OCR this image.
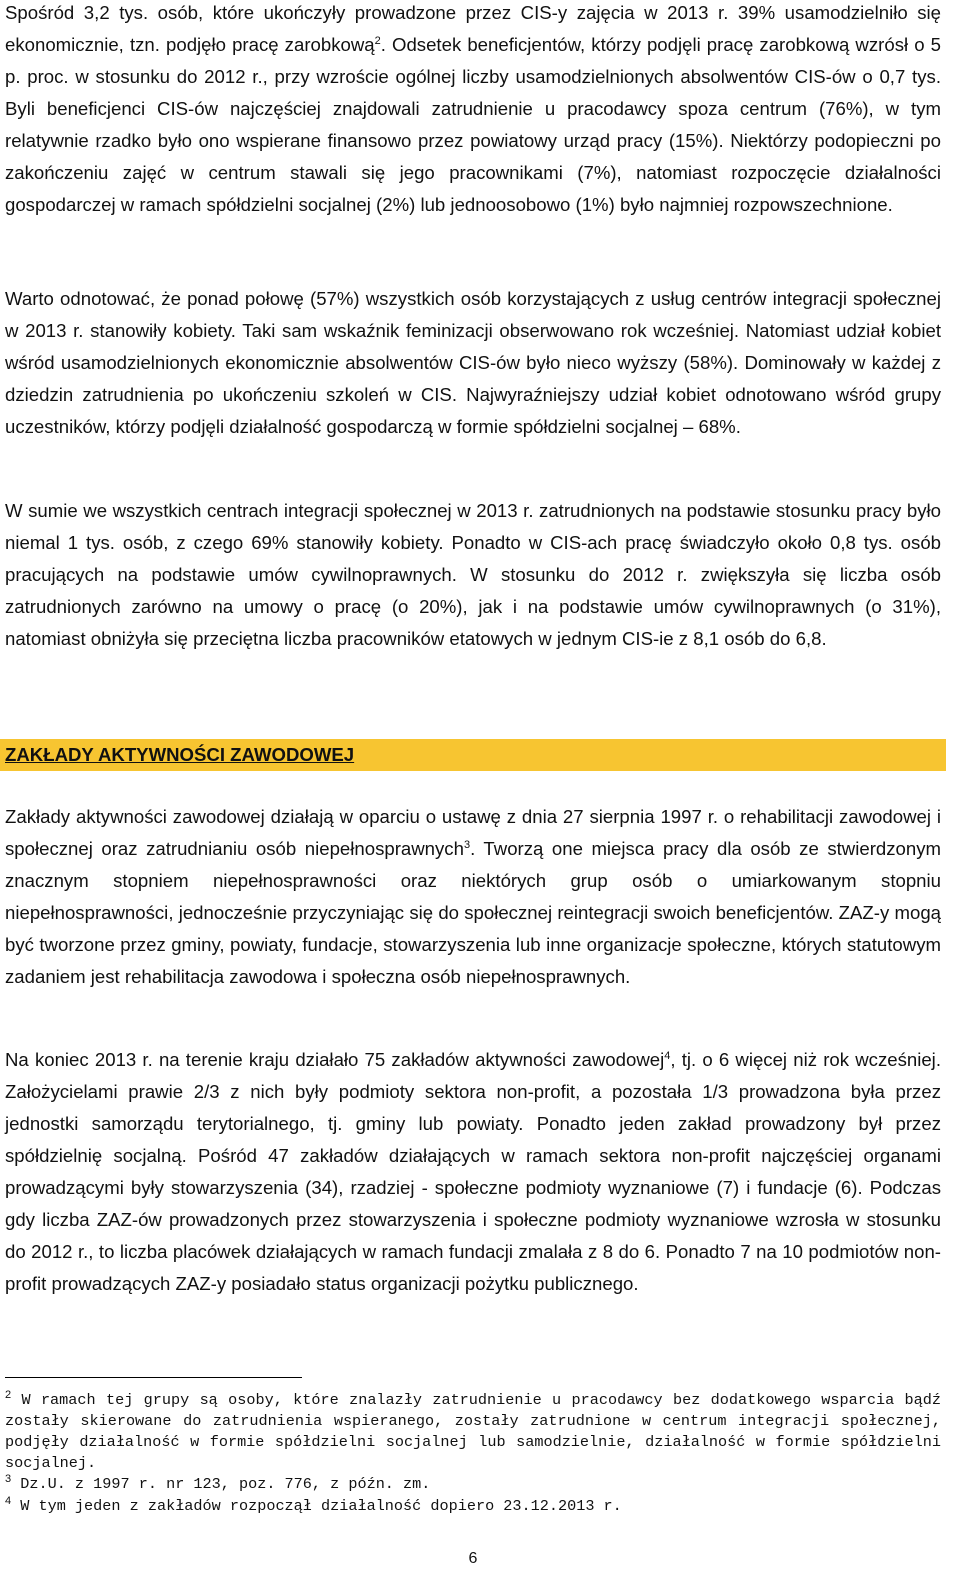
Spośród 3,2 tys. osób, które ukończyły prowadzone przez CIS-y zajęcia w 2013 r. 39% usamodzielniło się ekonomicznie, tzn. podjęło pracę zarobkową$^2$. Odsetek beneficjentów, którzy podjęli pracę zarobkową wzrósł o 5 p. proc. w stosunku do 2012 r., przy wzroście ogólnej liczby usamodzielnionych absolwentów CIS-ów o 0,7 tys. Byli beneficjenci CIS-ów najczęściej znajdowali zatrudnienie u pracodawcy spoza centrum (76%), w tym relatywnie rzadko było ono wspierane finansowo przez powiatowy urząd pracy (15%). Niektórzy podopieczni po zakończeniu zajęć w centrum stawali się jego pracownikami (7%), natomiast rozpoczęcie działalności gospodarczej w ramach spółdzielni socjalnej (2%) lub jednoosobowo (1%) było najmniej rozpowszechnione.

Warto odnotować, że ponad połowę (57%) wszystkich osób korzystających z usług centrów integracji społecznej w 2013 r. stanowiły kobiety. Taki sam wskaźnik feminizacji obserwowano rok wcześniej. Natomiast udział kobiet wśród usamodzielnionych ekonomicznie absolwentów CIS-ów było nieco wyższy (58%). Dominowały w każdej z dziedzin zatrudnienia po ukończeniu szkoleń w CIS. Najwyraźniejszy udział kobiet odnotowano wśród grupy uczestników, którzy podjęli działalność gospodarczą w formie spółdzielni socjalnej – 68%.

W sumie we wszystkich centrach integracji społecznej w 2013 r. zatrudnionych na podstawie stosunku pracy było niemal 1 tys. osób, z czego 69% stanowiły kobiety. Ponadto w CIS-ach pracę świadczyło około 0,8 tys. osób pracujących na podstawie umów cywilnoprawnych. W stosunku do 2012 r. zwiększyła się liczba osób zatrudnionych zarówno na umowy o pracę (o 20%), jak i na podstawie umów cywilnoprawnych (o 31%), natomiast obniżyła się przeciętna liczba pracowników etatowych w jednym CIS-ie z 8,1 osób do 6,8.

ZAKŁADY AKTYWNOŚCI ZAWODOWEJ

Zakłady aktywności zawodowej działają w oparciu o ustawę z dnia 27 sierpnia 1997 r. o rehabilitacji zawodowej i społecznej oraz zatrudnianiu osób niepełnosprawnych$^3$. Tworzą one miejsca pracy dla osób ze stwierdzonym znacznym stopniem niepełnosprawności oraz niektórych grup osób o umiarkowanym stopniu niepełnosprawności, jednocześnie przyczyniając się do społecznej reintegracji swoich beneficjentów. ZAZ-y mogą być tworzone przez gminy, powiaty, fundacje, stowarzyszenia lub inne organizacje społeczne, których statutowym zadaniem jest rehabilitacja zawodowa i społeczna osób niepełnosprawnych.

Na koniec 2013 r. na terenie kraju działało 75 zakładów aktywności zawodowej$^4$, tj. o 6 więcej niż rok wcześniej. Założycielami prawie 2/3 z nich były podmioty sektora non-profit, a pozostała 1/3 prowadzona była przez jednostki samorządu terytorialnego, tj. gminy lub powiaty. Ponadto jeden zakład prowadzony był przez spółdzielnię socjalną. Pośród 47 zakładów działających w ramach sektora non-profit najczęściej organami prowadzącymi były stowarzyszenia (34), rzadziej - społeczne podmioty wyznaniowe (7) i fundacje (6). Podczas gdy liczba ZAZ-ów prowadzonych przez stowarzyszenia i społeczne podmioty wyznaniowe wzrosła w stosunku do 2012 r., to liczba placówek działających w ramach fundacji zmalała z 8 do 6. Ponadto 7 na 10 podmiotów non-profit prowadzących ZAZ-y posiadało status organizacji pożytku publicznego.

$^2$ W ramach tej grupy są osoby, które znalazły zatrudnienie u pracodawcy bez dodatkowego wsparcia bądź zostały skierowane do zatrudnienia wspieranego, zostały zatrudnione w centrum integracji społecznej, podjęły działalność w formie spółdzielni socjalnej lub samodzielnie, działalność w formie spółdzielni socjalnej.

$^3$ Dz.U. z 1997 r. nr 123, poz. 776, z późn. zm.

$^4$ W tym jeden z zakładów rozpoczął działalność dopiero 23.12.2013 r.

6
